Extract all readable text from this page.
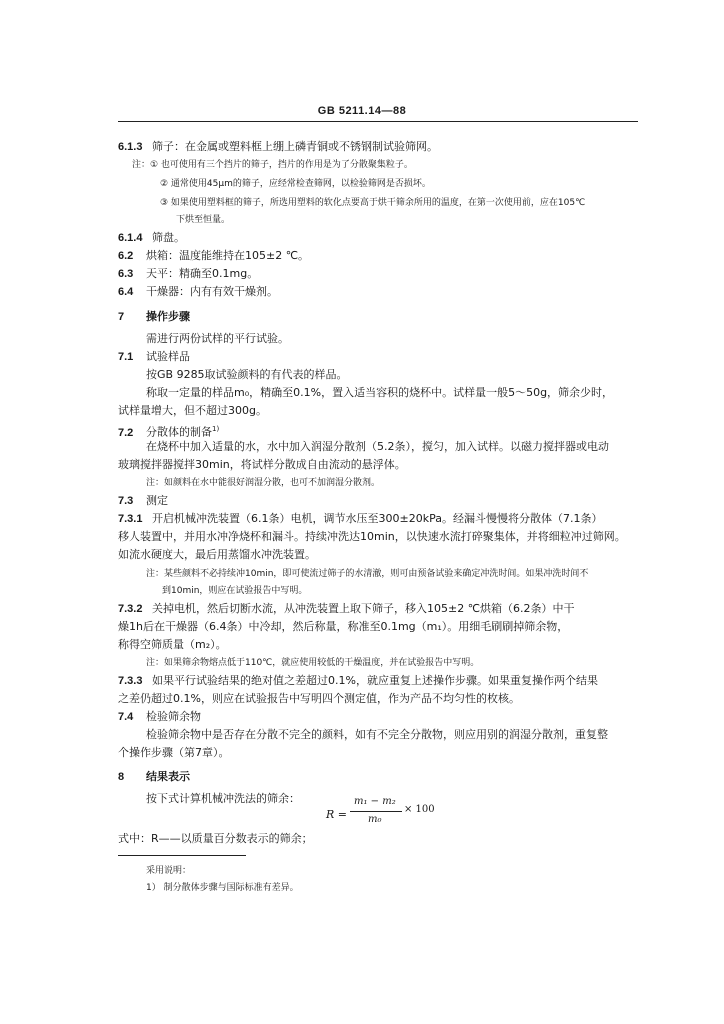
GB 5211.14—88
6.1.3 筛子：在金属或塑料框上绷上磷青铜或不锈钢制试验筛网。
注：① 也可使用有三个挡片的筛子，挡片的作用是为了分散聚集粒子。
② 通常使用45μm的筛子，应经常检查筛网，以检验筛网是否损坏。
③ 如果使用塑料框的筛子，所选用塑料的软化点要高于烘干筛余所用的温度，在第一次使用前，应在105℃
下烘至恒量。
6.1.4 筛盘。
6.2 烘箱：温度能维持在105±2 ℃。
6.3 天平：精确至0.1mg。
6.4 干燥器：内有有效干燥剂。
7 操作步骤
需进行两份试样的平行试验。
7.1 试验样品
按GB 9285取试验颜料的有代表的样品。
称取一定量的样品m₀，精确至0.1%，置入适当容积的烧杯中。试样量一般5～50g，筛余少时，
试样量增大，但不超过300g。
7.2 分散体的制备$^{1)}$
在烧杯中加入适量的水，水中加入润湿分散剂（5.2条），搅匀，加入试样。以磁力搅拌器或电动
玻璃搅拌器搅拌30min，将试样分散成自由流动的悬浮体。
注：如颜料在水中能很好润湿分散，也可不加润湿分散剂。
7.3 测定
7.3.1 开启机械冲洗装置（6.1条）电机，调节水压至300±20kPa。经漏斗慢慢将分散体（7.1条）
移人装置中，并用水冲净烧杯和漏斗。持续冲洗达10min，以快速水流打碎聚集体，并将细粒冲过筛网。
如流水硬度大，最后用蒸馏水冲洗装置。
注：某些颜料不必持续冲10min，即可使流过筛子的水清澈，则可由预备试验来确定冲洗时间。如果冲洗时间不
到10min，则应在试验报告中写明。
7.3.2 关掉电机，然后切断水流，从冲洗装置上取下筛子，移入105±2 ℃烘箱（6.2条）中干
燥1h后在干燥器（6.4条）中冷却，然后称量，称准至0.1mg（m₁）。用细毛刷刷掉筛余物，
称得空筛质量（m₂）。
注：如果筛余物熔点低于110℃，就应使用较低的干燥温度，并在试验报告中写明。
7.3.3 如果平行试验结果的绝对值之差超过0.1%，就应重复上述操作步骤。如果重复操作两个结果
之差仍超过0.1%，则应在试验报告中写明四个测定值，作为产品不均匀性的枚核。
7.4 检验筛余物
检验筛余物中是否存在分散不完全的颜料，如有不完全分散物，则应用别的润湿分散剂，重复整
个操作步骤（第7章）。
8 结果表示
按下式计算机械冲洗法的筛余：
R =
m₁ − m₂
m₀
× 100
式中：R——以质量百分数表示的筛余；
采用说明：
1） 制分散体步骤与国际标准有差异。
